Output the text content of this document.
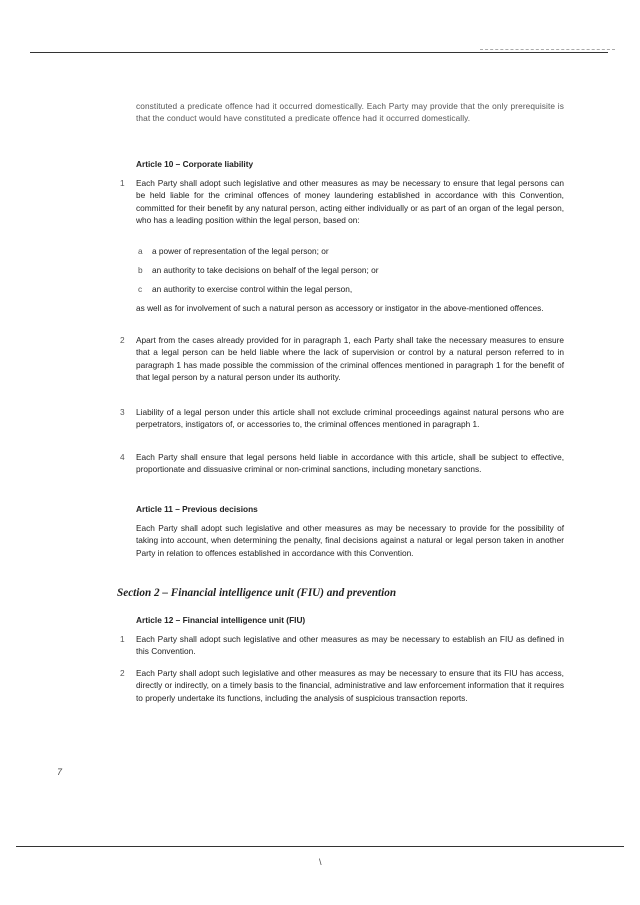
constituted a predicate offence had it occurred domestically. Each Party may provide that the only prerequisite is that the conduct would have constituted a predicate offence had it occurred domestically.
Article 10 – Corporate liability
1 Each Party shall adopt such legislative and other measures as may be necessary to ensure that legal persons can be held liable for the criminal offences of money laundering established in accordance with this Convention, committed for their benefit by any natural person, acting either individually or as part of an organ of the legal person, who has a leading position within the legal person, based on:
a a power of representation of the legal person; or
b an authority to take decisions on behalf of the legal person; or
c an authority to exercise control within the legal person,
as well as for involvement of such a natural person as accessory or instigator in the above-mentioned offences.
2 Apart from the cases already provided for in paragraph 1, each Party shall take the necessary measures to ensure that a legal person can be held liable where the lack of supervision or control by a natural person referred to in paragraph 1 has made possible the commission of the criminal offences mentioned in paragraph 1 for the benefit of that legal person by a natural person under its authority.
3 Liability of a legal person under this article shall not exclude criminal proceedings against natural persons who are perpetrators, instigators of, or accessories to, the criminal offences mentioned in paragraph 1.
4 Each Party shall ensure that legal persons held liable in accordance with this article, shall be subject to effective, proportionate and dissuasive criminal or non-criminal sanctions, including monetary sanctions.
Article 11 – Previous decisions
Each Party shall adopt such legislative and other measures as may be necessary to provide for the possibility of taking into account, when determining the penalty, final decisions against a natural or legal person taken in another Party in relation to offences established in accordance with this Convention.
Section 2 – Financial intelligence unit (FIU) and prevention
Article 12 – Financial intelligence unit (FIU)
1 Each Party shall adopt such legislative and other measures as may be necessary to establish an FIU as defined in this Convention.
2 Each Party shall adopt such legislative and other measures as may be necessary to ensure that its FIU has access, directly or indirectly, on a timely basis to the financial, administrative and law enforcement information that it requires to properly undertake its functions, including the analysis of suspicious transaction reports.
7
\
